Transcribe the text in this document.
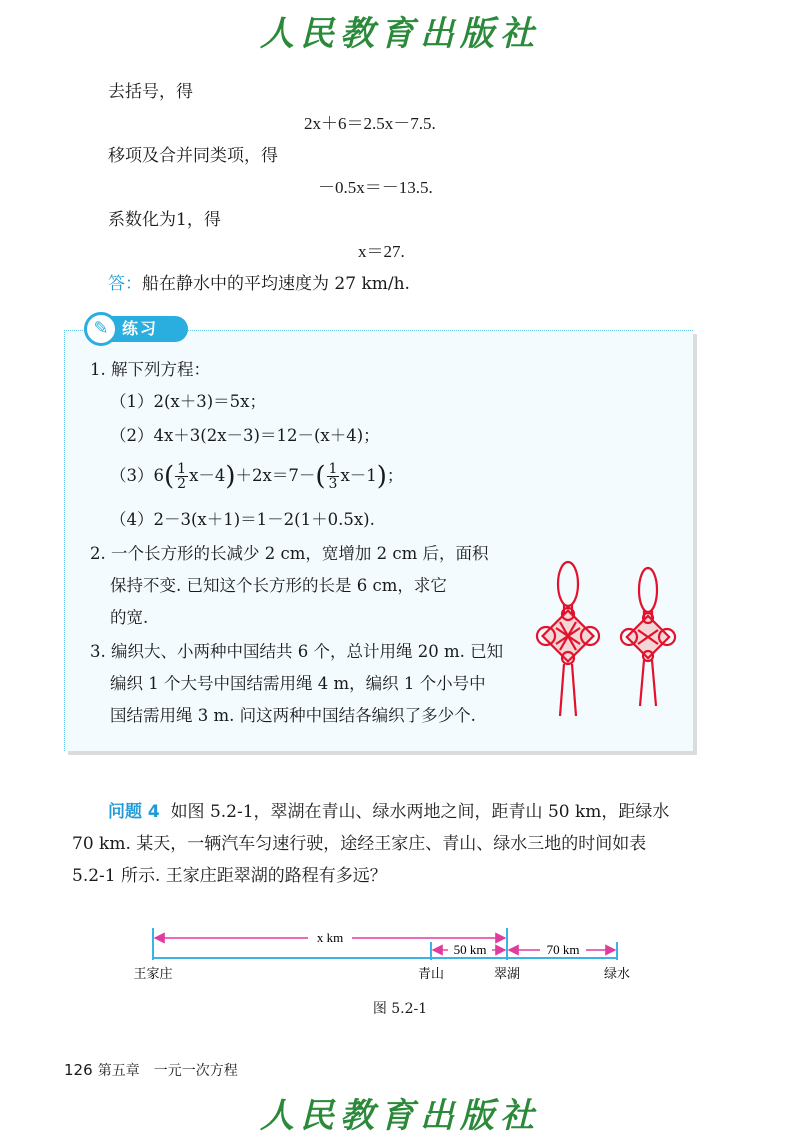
人民教育出版社
去括号，得
2x＋6＝2.5x－7.5.
移项及合并同类项，得
－0.5x＝－13.5.
系数化为1，得
x＝27.
答：船在静水中的平均速度为 27 km/h.
练习
✎
1. 解下列方程：
（1）2(x＋3)＝5x；
（2）4x＋3(2x－3)＝12－(x＋4)；
$(3)6( \frac{1}{2} x-4)+2x=7-( \frac{1}{3} x-1)$；
（4）2－3(x＋1)＝1－2(1＋0.5x).
2. 一个长方形的长减少 2 cm，宽增加 2 cm 后，面积
保持不变. 已知这个长方形的长是 6 cm，求它
的宽.
3. 编织大、小两种中国结共 6 个，总计用绳 20 m. 已知
编织 1 个大号中国结需用绳 4 m，编织 1 个小号中
国结需用绳 3 m. 问这两种中国结各编织了多少个.
问题 4 如图 5.2-1，翠湖在青山、绿水两地之间，距青山 50 km，距绿水
70 km. 某天，一辆汽车匀速行驶，途经王家庄、青山、绿水三地的时间如表
5.2-1 所示. 王家庄距翠湖的路程有多远？
x km
50 km	70 km
王家庄	青山	翠湖	绿水
图 5.2-1
126 第五章　一元一次方程
人民教育出版社
